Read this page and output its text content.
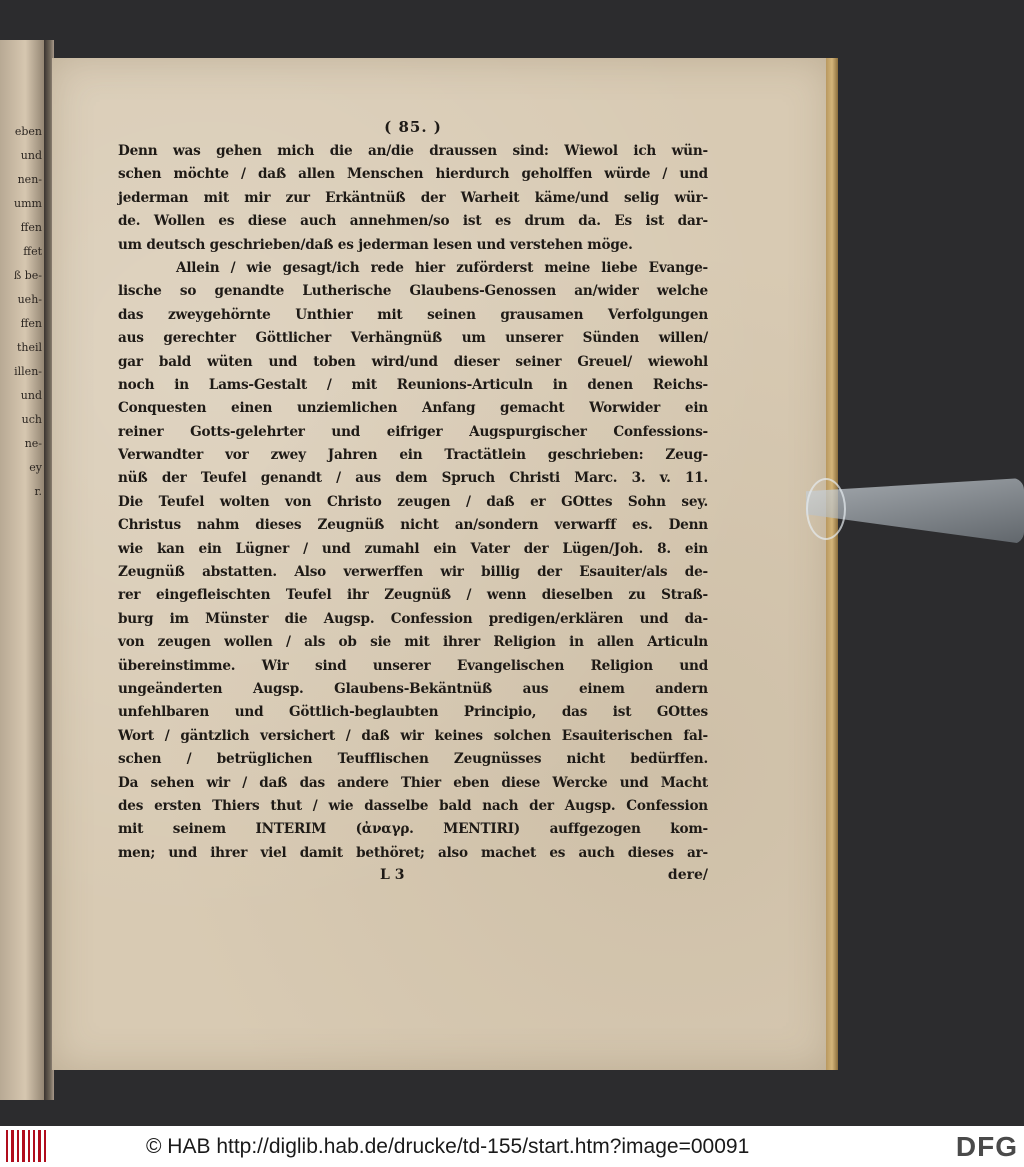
eben
und
nen-
umm
ffen
ffet
ß be-
ueh-
ffen
theil
illen-
und
uch
ne-
ey
r.
( 85. )
Denn was gehen mich die an/die draussen sind: Wiewol ich wün-
schen möchte / daß allen Menschen hierdurch geholffen würde / und
jederman mit mir zur Erkäntnüß der Warheit käme/und selig wür-
de. Wollen es diese auch annehmen/so ist es drum da. Es ist dar-
um deutsch geschrieben/daß es jederman lesen und verstehen möge.
Allein / wie gesagt/ich rede hier zuförderst meine liebe Evange-
lische so genandte Lutherische Glaubens-Genossen an/wider welche
das zweygehörnte Unthier mit seinen grausamen Verfolgungen
aus gerechter Göttlicher Verhängnüß um unserer Sünden willen/
gar bald wüten und toben wird/und dieser seiner Greuel/ wiewohl
noch in Lams-Gestalt / mit Reunions-Articuln in denen Reichs-
Conquesten einen unziemlichen Anfang gemacht Worwider ein
reiner Gotts-gelehrter und eifriger Augspurgischer Confessions-
Verwandter vor zwey Jahren ein Tractätlein geschrieben: Zeug-
nüß der Teufel genandt / aus dem Spruch Christi Marc. 3. v. 11.
Die Teufel wolten von Christo zeugen / daß er GOttes Sohn sey.
Christus nahm dieses Zeugnüß nicht an/sondern verwarff es. Denn
wie kan ein Lügner / und zumahl ein Vater der Lügen/Joh. 8. ein
Zeugnüß abstatten. Also verwerffen wir billig der Esauiter/als de-
rer eingefleischten Teufel ihr Zeugnüß / wenn dieselben zu Straß-
burg im Münster die Augsp. Confession predigen/erklären und da-
von zeugen wollen / als ob sie mit ihrer Religion in allen Articuln
übereinstimme. Wir sind unserer Evangelischen Religion und
ungeänderten Augsp. Glaubens-Bekäntnüß aus einem andern
unfehlbaren und Göttlich-beglaubten Principio, das ist GOttes
Wort / gäntzlich versichert / daß wir keines solchen Esauiterischen fal-
schen / betrüglichen Teufflischen Zeugnüsses nicht bedürffen.
Da sehen wir / daß das andere Thier eben diese Wercke und Macht
des ersten Thiers thut / wie dasselbe bald nach der Augsp. Confession
mit seinem INTERIM (ἀναγρ. MENTIRI) auffgezogen kom-
men; und ihrer viel damit bethöret; also machet es auch dieses ar-
L 3	dere/
© HAB http://diglib.hab.de/drucke/td-155/start.htm?image=00091	DFG
